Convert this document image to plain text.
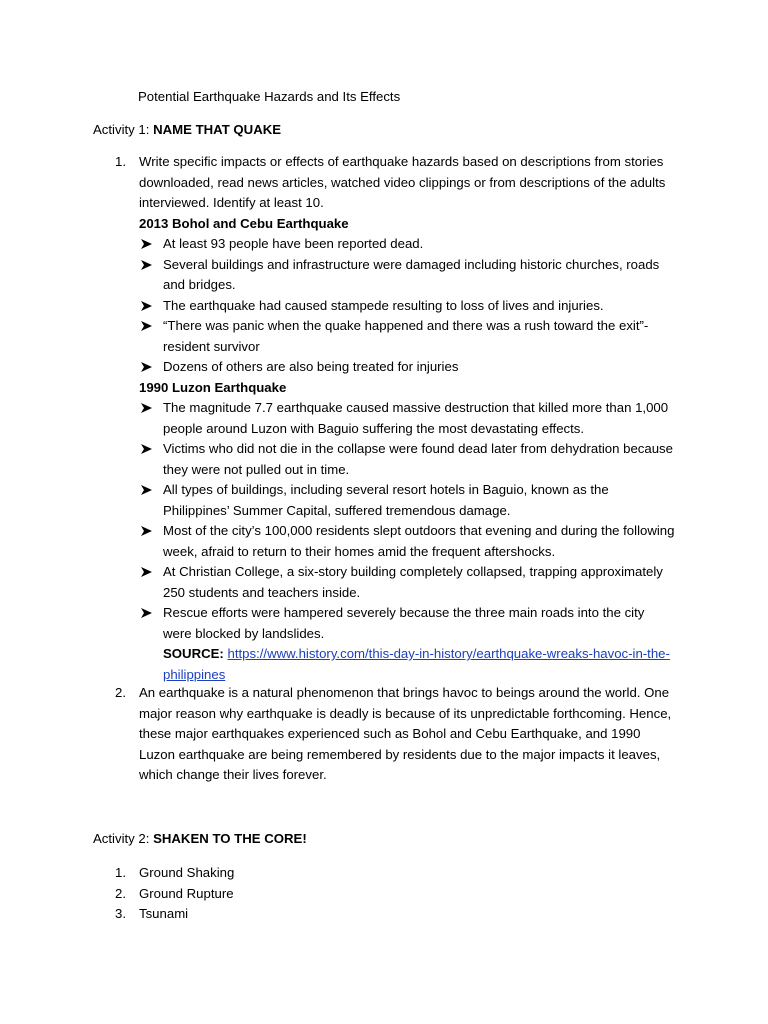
Potential Earthquake Hazards and Its Effects
Activity 1: NAME THAT QUAKE
1. Write specific impacts or effects of earthquake hazards based on descriptions from stories downloaded, read news articles, watched video clippings or from descriptions of the adults interviewed. Identify at least 10.
2013 Bohol and Cebu Earthquake
At least 93 people have been reported dead.
Several buildings and infrastructure were damaged including historic churches, roads and bridges.
The earthquake had caused stampede resulting to loss of lives and injuries.
“There was panic when the quake happened and there was a rush toward the exit”- resident survivor
Dozens of others are also being treated for injuries
1990 Luzon Earthquake
The magnitude 7.7 earthquake caused massive destruction that killed more than 1,000 people around Luzon with Baguio suffering the most devastating effects.
Victims who did not die in the collapse were found dead later from dehydration because they were not pulled out in time.
All types of buildings, including several resort hotels in Baguio, known as the Philippines’ Summer Capital, suffered tremendous damage.
Most of the city’s 100,000 residents slept outdoors that evening and during the following week, afraid to return to their homes amid the frequent aftershocks.
At Christian College, a six-story building completely collapsed, trapping approximately 250 students and teachers inside.
Rescue efforts were hampered severely because the three main roads into the city were blocked by landslides.
SOURCE: https://www.history.com/this-day-in-history/earthquake-wreaks-havoc-in-the-philippines
2. An earthquake is a natural phenomenon that brings havoc to beings around the world. One major reason why earthquake is deadly is because of its unpredictable forthcoming. Hence, these major earthquakes experienced such as Bohol and Cebu Earthquake, and 1990 Luzon earthquake are being remembered by residents due to the major impacts it leaves, which change their lives forever.
Activity 2: SHAKEN TO THE CORE!
1. Ground Shaking
2. Ground Rupture
3. Tsunami
